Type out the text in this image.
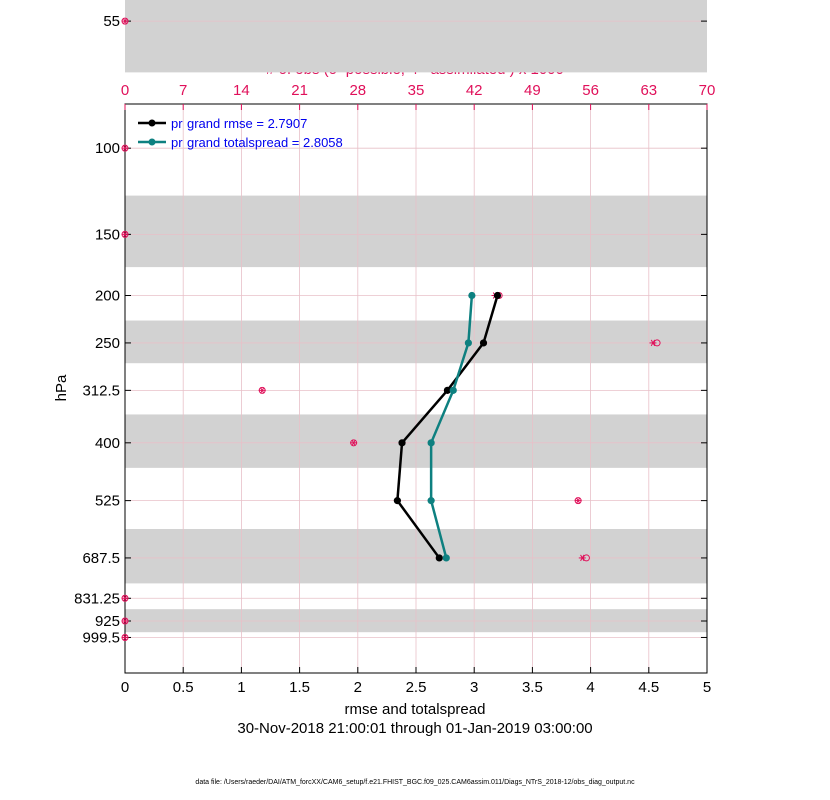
0	0.5	1	1.5	2	2.5	3	3.5	4	4.5	5
0	7	14	21	28	35	42	49	56	63	70
55
100
150
200
250
312.5
400
525
687.5
831.25
925
999.5
pr grand rmse = 2.7907
pr grand totalspread = 2.8058
rmse and totalspread
hPa
30-Nov-2018 21:00:01 through 01-Jan-2019 03:00:00
data file: /Users/raeder/DAI/ATM_forcXX/CAM6_setup/f.e21.FHIST_BGC.f09_025.CAM6assim.011/Diags_NTrS_2018-12/obs_diag_output.nc
